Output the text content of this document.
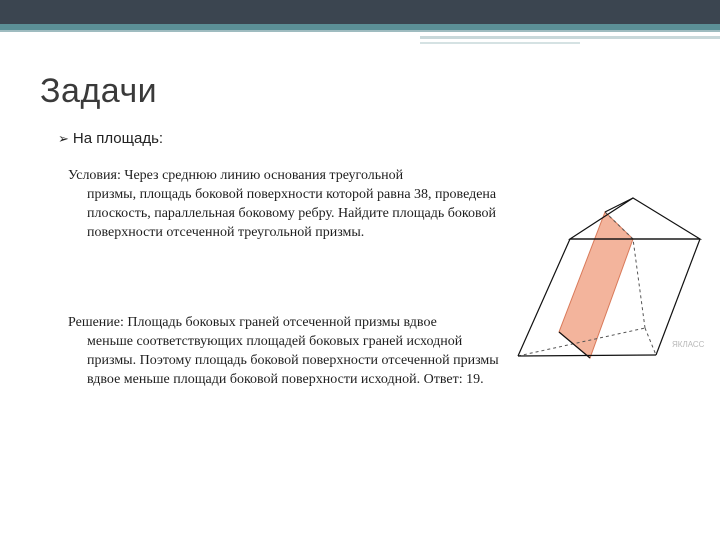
Задачи
➢ На площадь:
Условия: Через среднюю линию основания треугольной
призмы, площадь боковой поверхности которой равна 38, проведена плоскость, параллельная боковому ребру. Найдите площадь боковой поверхности отсеченной треугольной призмы.
Решение: Площадь боковых граней отсеченной призмы вдвое
меньше соответствующих площадей боковых граней исходной призмы. Поэтому площадь боковой поверхности отсеченной призмы вдвое меньше площади боковой поверхности исходной. Ответ: 19.
ЯКЛАСС
